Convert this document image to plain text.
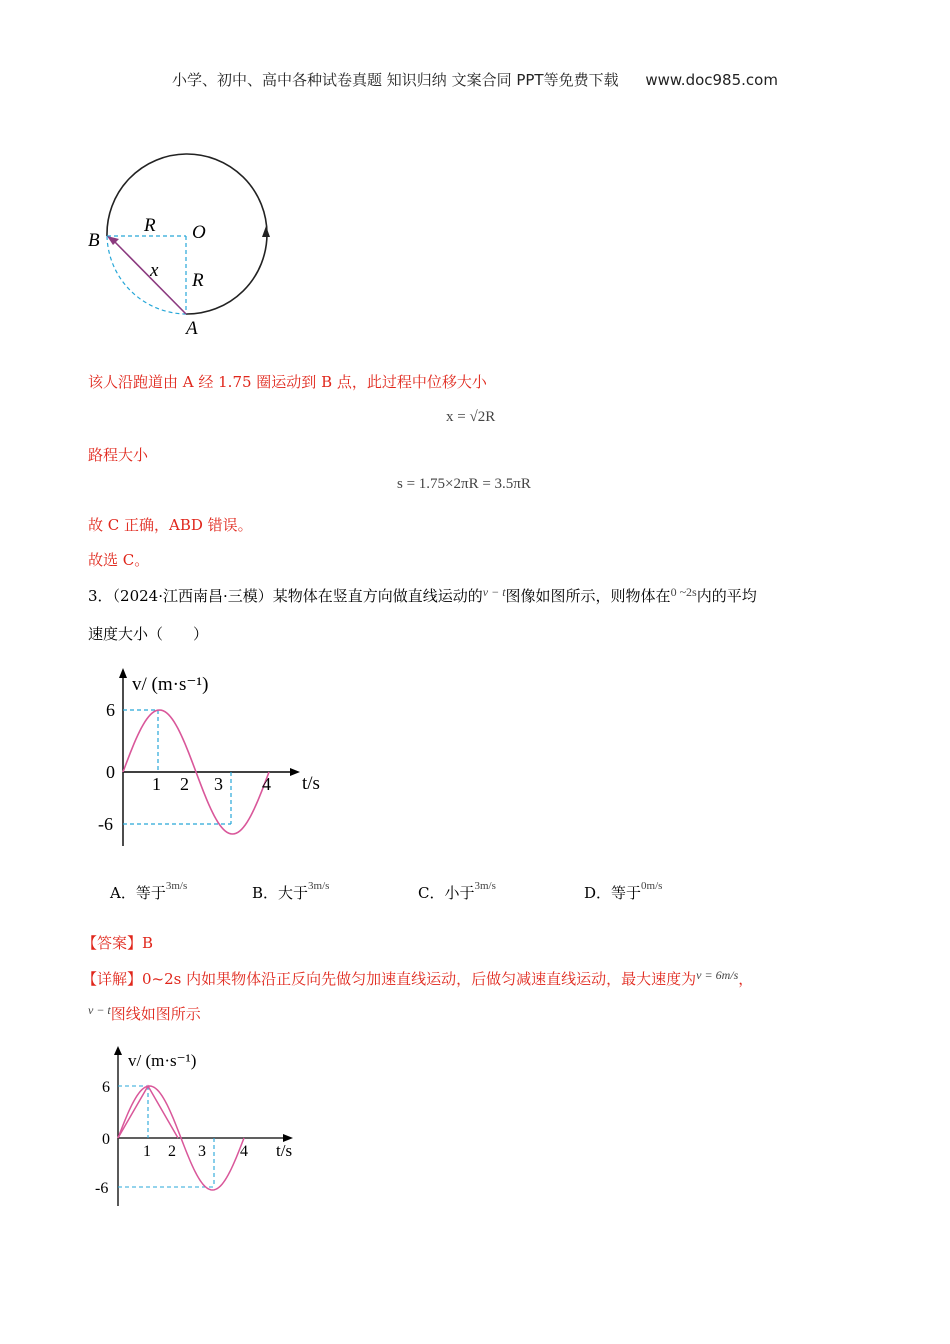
小学、初中、高中各种试卷真题 知识归纳 文案合同 PPT等免费下载 www.doc985.com
B	O
R
R
x
A
该人沿跑道由 A 经 1.75 圈运动到 B 点，此过程中位移大小
x = √2R
路程大小
s = 1.75×2πR = 3.5πR
故 C 正确，ABD 错误。
故选 C。
3．（2024·江西南昌·三模）某物体在竖直方向做直线运动的$^{v - t}$图像如图所示，则物体在$^{0 \sim 2s}$内的平均
速度大小（　　）
v/ (m·s⁻¹)
t/s
6
0
-6
1 2 3 4
A．等于$^{3m/s}$	B．大于$^{3m/s}$	C．小于$^{3m/s}$	D．等于$^{0m/s}$
【答案】B
【详解】0~2s 内如果物体沿正反向先做匀加速直线运动，后做匀减速直线运动，最大速度为$^{v = 6m/s}$，
$^{v - t}$图线如图所示
v/ (m·s⁻¹)
t/s
6
0
-6
1 2 3 4
